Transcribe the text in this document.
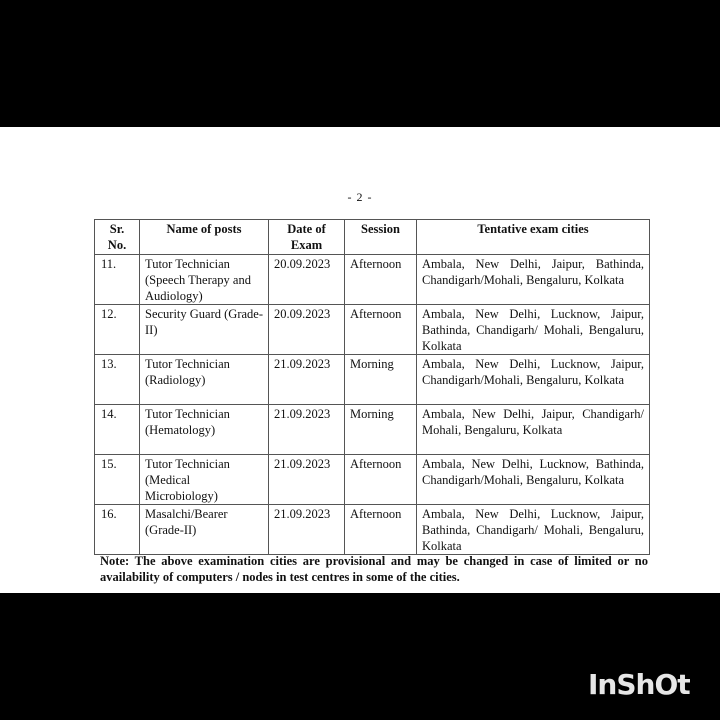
- 2 -
Sr. No.	Name of posts	Date of Exam	Session	Tentative exam cities
11.	Tutor Technician (Speech Therapy and Audiology)	20.09.2023	Afternoon	Ambala, New Delhi, Jaipur, Bathinda, Chandigarh/Mohali, Bengaluru, Kolkata
12.	Security Guard (Grade-II)	20.09.2023	Afternoon	Ambala, New Delhi, Lucknow, Jaipur, Bathinda, Chandigarh/ Mohali, Bengaluru, Kolkata
13.	Tutor Technician (Radiology)	21.09.2023	Morning	Ambala, New Delhi, Lucknow, Jaipur, Chandigarh/Mohali, Bengaluru, Kolkata
14.	Tutor Technician (Hematology)	21.09.2023	Morning	Ambala, New Delhi, Jaipur, Chandigarh/ Mohali, Bengaluru, Kolkata
15.	Tutor Technician (Medical Microbiology)	21.09.2023	Afternoon	Ambala, New Delhi, Lucknow, Bathinda, Chandigarh/Mohali, Bengaluru, Kolkata
16.	Masalchi/Bearer (Grade-II)	21.09.2023	Afternoon	Ambala, New Delhi, Lucknow, Jaipur, Bathinda, Chandigarh/ Mohali, Bengaluru, Kolkata
Note: The above examination cities are provisional and may be changed in case of limited or no availability of computers / nodes in test centres in some of the cities.
InShOt
